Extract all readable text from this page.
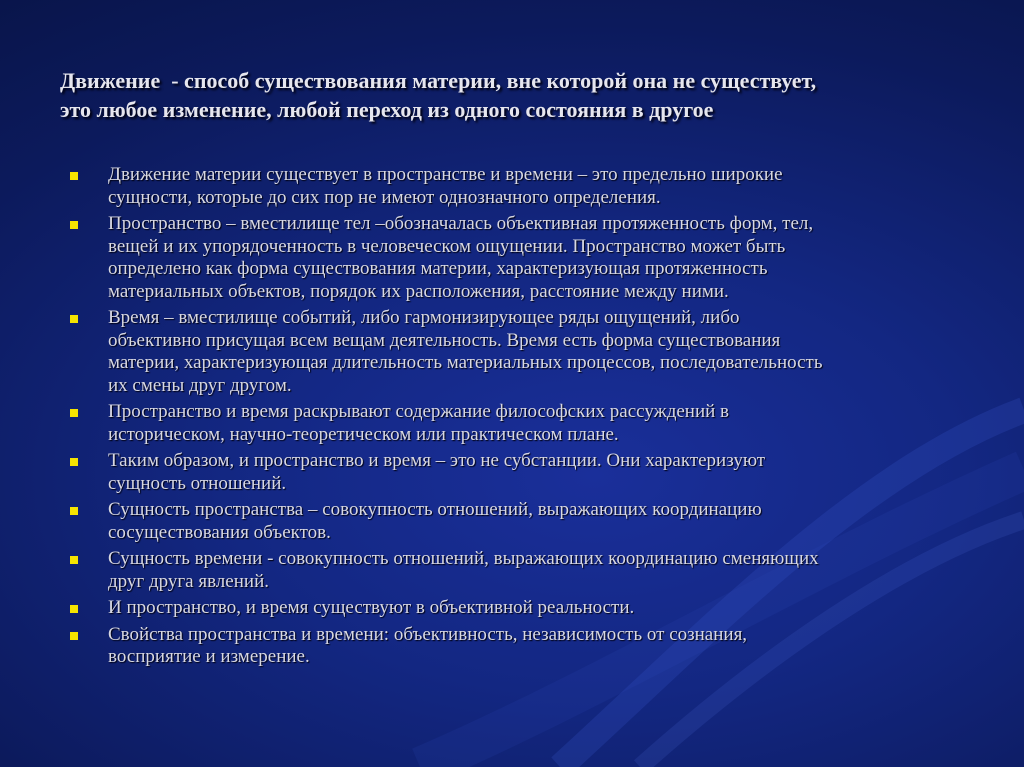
Движение  - способ существования материи, вне которой она не существует,
это любое изменение, любой переход из одного состояния в другое
Движение материи существует в пространстве и времени – это предельно широкие
сущности, которые до сих пор не имеют однозначного определения.
Пространство – вместилище тел –обозначалась объективная протяженность форм, тел,
вещей и их упорядоченность в человеческом ощущении. Пространство может быть
определено как форма существования материи, характеризующая протяженность
материальных объектов, порядок их расположения, расстояние между ними.
Время – вместилище событий, либо гармонизирующее ряды ощущений, либо
объективно присущая всем вещам деятельность. Время есть форма существования
материи, характеризующая длительность материальных процессов, последовательность
их смены друг другом.
Пространство и время раскрывают содержание философских рассуждений в
историческом, научно-теоретическом или практическом плане.
Таким образом, и пространство и время – это не субстанции. Они характеризуют
сущность отношений.
Сущность пространства – совокупность отношений, выражающих координацию
сосуществования объектов.
Сущность времени - совокупность отношений, выражающих координацию сменяющих
друг друга явлений.
И пространство, и время существуют в объективной реальности.
Свойства пространства и времени: объективность, независимость от сознания,
восприятие и измерение.
